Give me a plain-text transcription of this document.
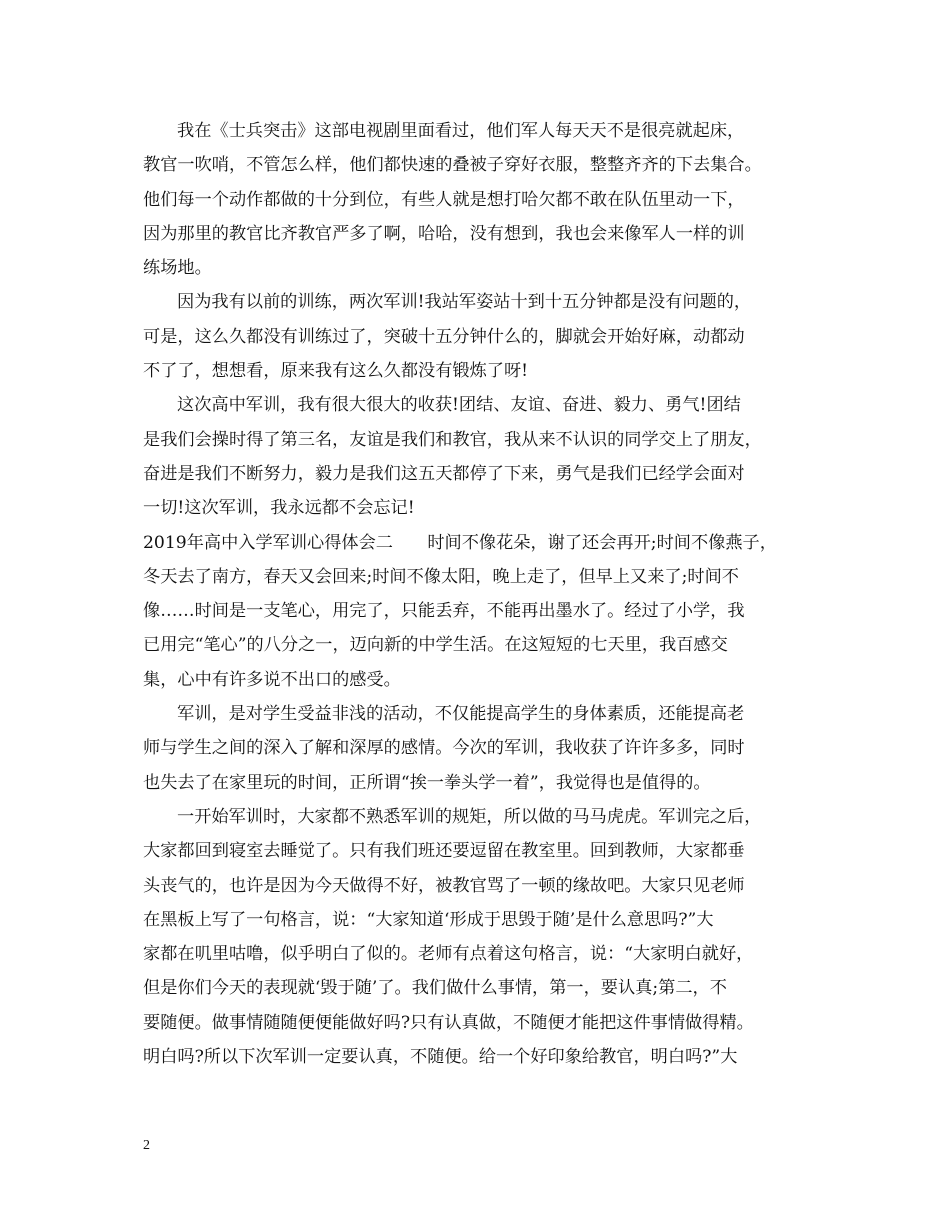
我在《士兵突击》这部电视剧里面看过，他们军人每天天不是很亮就起床，
教官一吹哨，不管怎么样，他们都快速的叠被子穿好衣服，整整齐齐的下去集合。
他们每一个动作都做的十分到位，有些人就是想打哈欠都不敢在队伍里动一下，
因为那里的教官比齐教官严多了啊，哈哈，没有想到，我也会来像军人一样的训
练场地。
因为我有以前的训练，两次军训!我站军姿站十到十五分钟都是没有问题的，
可是，这么久都没有训练过了，突破十五分钟什么的，脚就会开始好麻，动都动
不了了，想想看，原来我有这么久都没有锻炼了呀!
这次高中军训，我有很大很大的收获!团结、友谊、奋进、毅力、勇气!团结
是我们会操时得了第三名，友谊是我们和教官，我从来不认识的同学交上了朋友，
奋进是我们不断努力，毅力是我们这五天都停了下来，勇气是我们已经学会面对
一切!这次军训，我永远都不会忘记!
2019年高中入学军训心得体会二　　时间不像花朵，谢了还会再开;时间不像燕子，
冬天去了南方，春天又会回来;时间不像太阳，晚上走了，但早上又来了;时间不
像……时间是一支笔心，用完了，只能丢弃，不能再出墨水了。经过了小学，我
已用完“笔心”的八分之一，迈向新的中学生活。在这短短的七天里，我百感交
集，心中有许多说不出口的感受。
军训，是对学生受益非浅的活动，不仅能提高学生的身体素质，还能提高老
师与学生之间的深入了解和深厚的感情。今次的军训，我收获了许许多多，同时
也失去了在家里玩的时间，正所谓“挨一拳头学一着”，我觉得也是值得的。
一开始军训时，大家都不熟悉军训的规矩，所以做的马马虎虎。军训完之后，
大家都回到寝室去睡觉了。只有我们班还要逗留在教室里。回到教师，大家都垂
头丧气的，也许是因为今天做得不好，被教官骂了一顿的缘故吧。大家只见老师
在黑板上写了一句格言，说：“大家知道‘形成于思毁于随’是什么意思吗?”大
家都在叽里咕噜，似乎明白了似的。老师有点着这句格言，说：“大家明白就好，
但是你们今天的表现就‘毁于随’了。我们做什么事情，第一，要认真;第二，不
要随便。做事情随随便便能做好吗?只有认真做，不随便才能把这件事情做得精。
明白吗?所以下次军训一定要认真，不随便。给一个好印象给教官，明白吗?”大
2
